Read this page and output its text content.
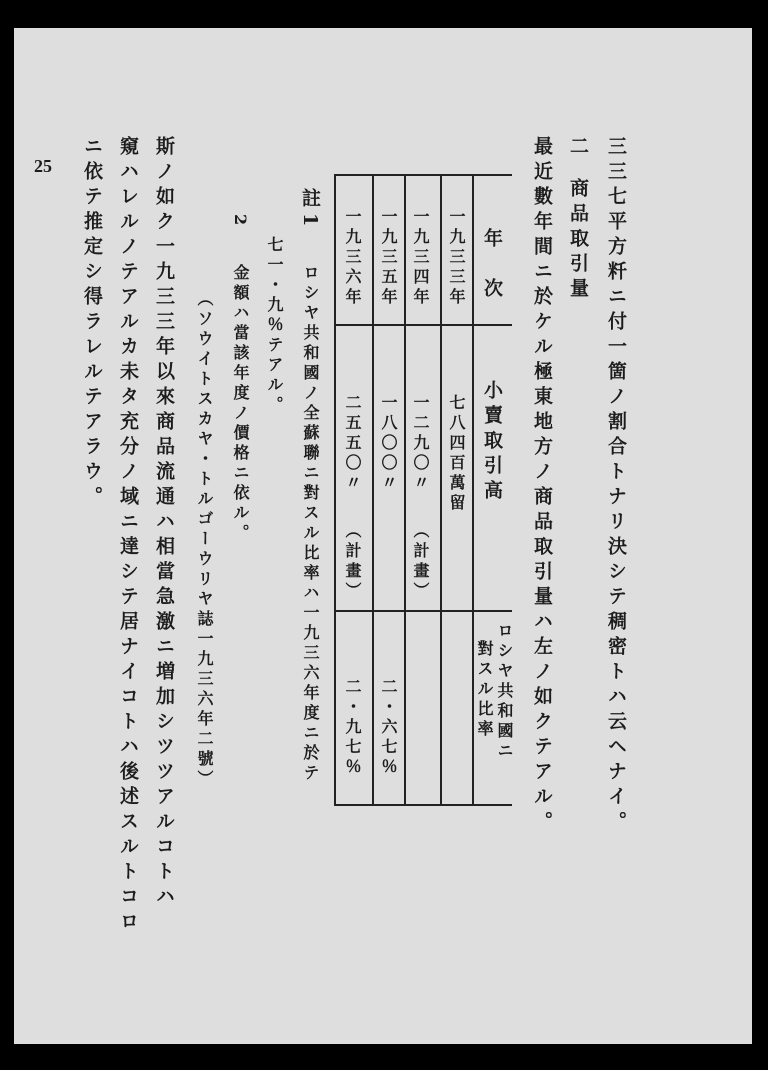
25	三三七平方粁ニ付一箇ノ割合トナリ決シテ稠密トハ云ヘナイ。
二
商品取引量
最近數年間ニ於ケル極東地方ノ商品取引量ハ左ノ如クテアル。
年　次
小賣取引高
ロシヤ共和國ニ
對スル比率
一九三三年
七八四百萬留
一九三四年
一二九〇〃
（計畫）
一九三五年
一八〇〇〃
二・六七％
一九三六年
二五五〇〃
（計畫）
二・九七％
註1
ロシヤ共和國ノ全蘇聯ニ對スル比率ハ一九三六年度ニ於テ
七一・九％テアル。
2
金額ハ當該年度ノ價格ニ依ル。
（ソウイトスカヤ・トルゴーウリヤ誌一九三六年二號）
斯ノ如ク一九三三年以來商品流通ハ相當急激ニ増加シツツアルコトハ
窺ハレルノテアルカ未タ充分ノ域ニ達シテ居ナイコトハ後述スルトコロ
ニ依テ推定シ得ラレルテアラウ。
